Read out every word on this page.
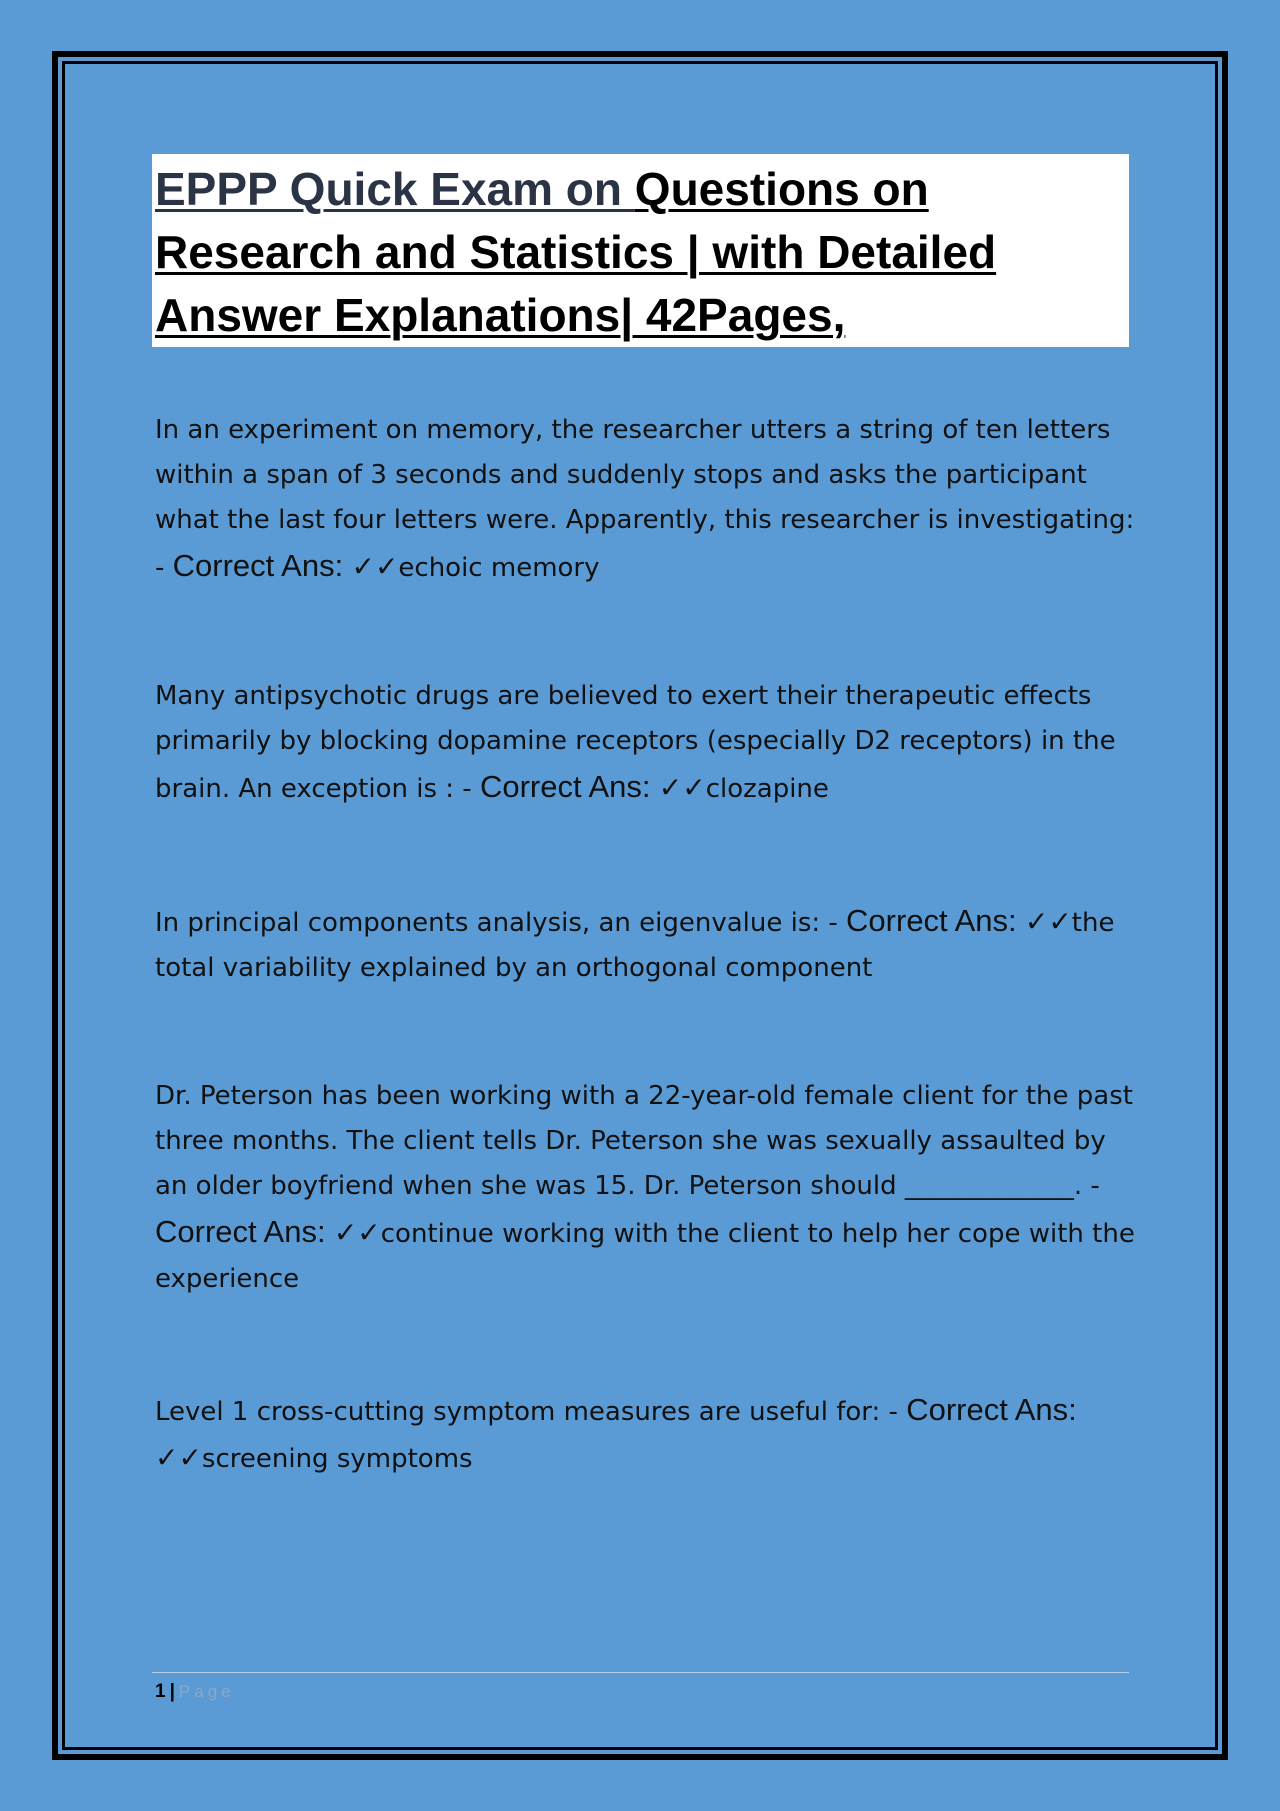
EPPP Quick Exam on Questions on Research and Statistics | with Detailed Answer Explanations| 42Pages,

In an experiment on memory, the researcher utters a string of ten letters within a span of 3 seconds and suddenly stops and asks the participant what the last four letters were. Apparently, this researcher is investigating: - Correct Ans: ✓✓echoic memory

Many antipsychotic drugs are believed to exert their therapeutic effects primarily by blocking dopamine receptors (especially D2 receptors) in the brain. An exception is : - Correct Ans: ✓✓clozapine

In principal components analysis, an eigenvalue is: - Correct Ans: ✓✓the total variability explained by an orthogonal component

Dr. Peterson has been working with a 22-year-old female client for the past three months. The client tells Dr. Peterson she was sexually assaulted by an older boyfriend when she was 15. Dr. Peterson should _____________. - Correct Ans: ✓✓continue working with the client to help her cope with the experience

Level 1 cross-cutting symptom measures are useful for: - Correct Ans: ✓✓screening symptoms

1 | Page
